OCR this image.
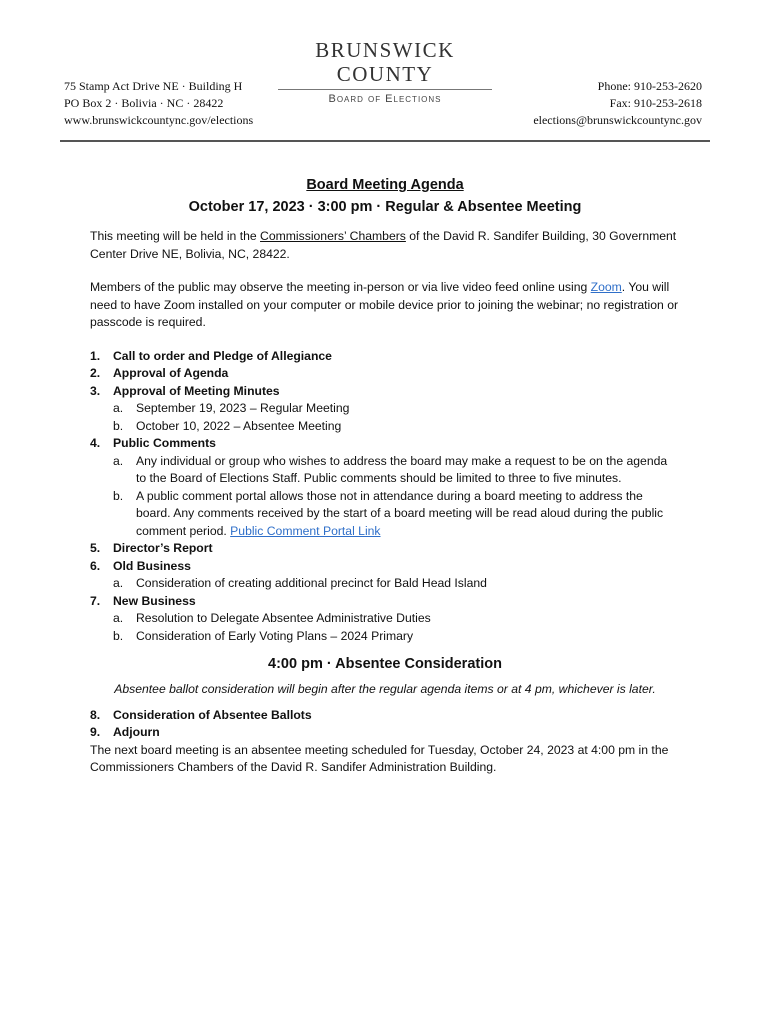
BRUNSWICK COUNTY
Board of Elections
75 Stamp Act Drive NE · Building H
PO Box 2 · Bolivia · NC · 28422
www.brunswickcountync.gov/elections
Phone: 910-253-2620
Fax: 910-253-2618
elections@brunswickcountync.gov
Board Meeting Agenda
October 17, 2023 · 3:00 pm · Regular & Absentee Meeting

This meeting will be held in the Commissioners’ Chambers of the David R. Sandifer Building, 30 Government Center Drive NE, Bolivia, NC, 28422.

Members of the public may observe the meeting in-person or via live video feed online using Zoom. You will need to have Zoom installed on your computer or mobile device prior to joining the webinar; no registration or passcode is required.

1. Call to order and Pledge of Allegiance
2. Approval of Agenda
3. Approval of Meeting Minutes
a. September 19, 2023 – Regular Meeting
b. October 10, 2022 – Absentee Meeting
4. Public Comments
a. Any individual or group who wishes to address the board may make a request to be on the agenda to the Board of Elections Staff. Public comments should be limited to three to five minutes.
b. A public comment portal allows those not in attendance during a board meeting to address the board. Any comments received by the start of a board meeting will be read aloud during the public comment period. Public Comment Portal Link
5. Director’s Report
6. Old Business
a. Consideration of creating additional precinct for Bald Head Island
7. New Business
a. Resolution to Delegate Absentee Administrative Duties
b. Consideration of Early Voting Plans – 2024 Primary
4:00 pm · Absentee Consideration
Absentee ballot consideration will begin after the regular agenda items or at 4 pm, whichever is later.
8. Consideration of Absentee Ballots
9. Adjourn

The next board meeting is an absentee meeting scheduled for Tuesday, October 24, 2023 at 4:00 pm in the Commissioners Chambers of the David R. Sandifer Administration Building.
